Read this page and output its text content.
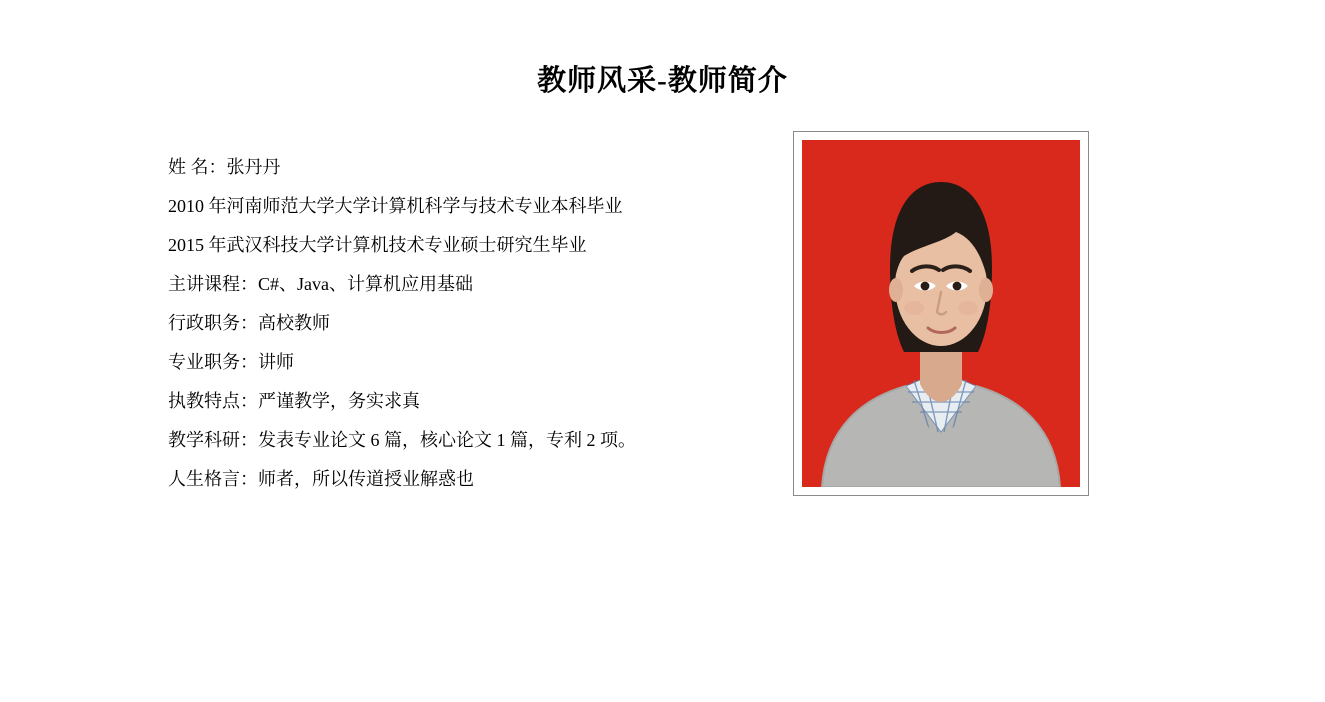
教师风采-教师简介
姓 名：张丹丹
2010 年河南师范大学大学计算机科学与技术专业本科毕业
2015 年武汉科技大学计算机技术专业硕士研究生毕业
主讲课程：C#、Java、计算机应用基础
行政职务：高校教师
专业职务：讲师
执教特点：严谨教学，务实求真
教学科研：发表专业论文 6 篇，核心论文 1 篇，专利 2 项。
人生格言：师者，所以传道授业解惑也
